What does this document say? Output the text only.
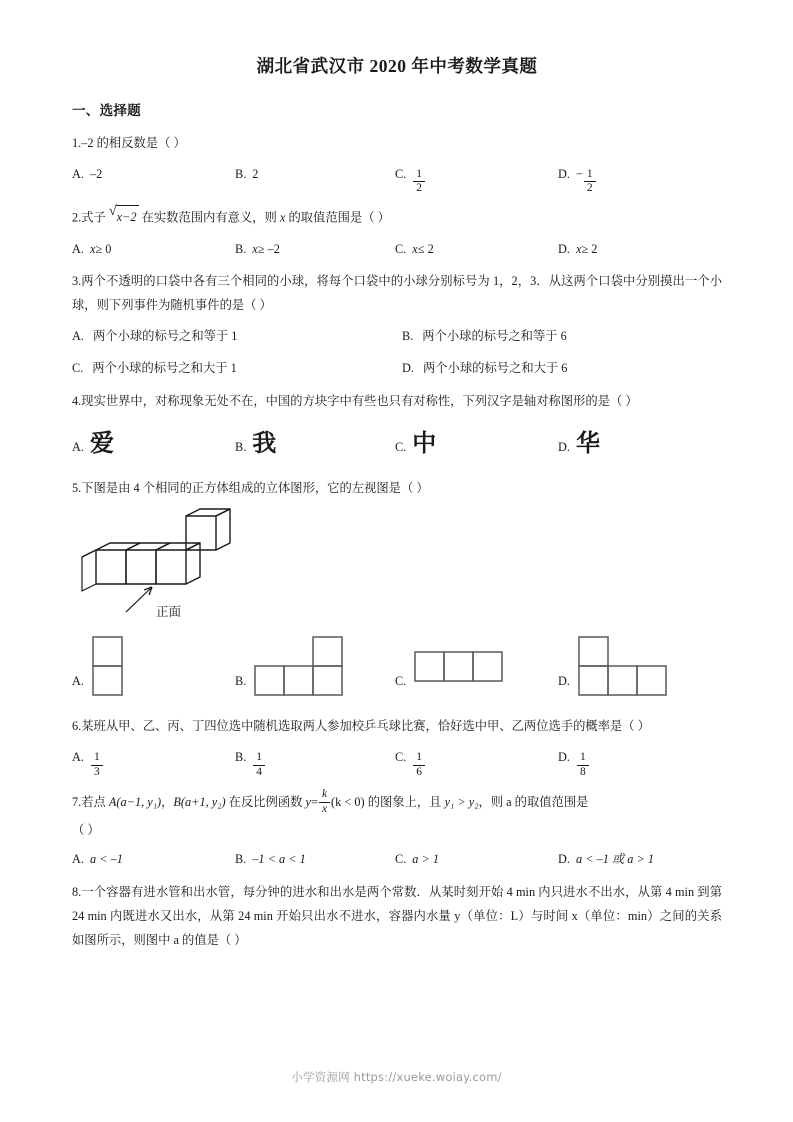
湖北省武汉市 2020 年中考数学真题
一、选择题
1.–2 的相反数是（ ）
A. –2	B. 2	C. $\frac{1}{2}$	D. − $\frac{1}{2}$
2.式子 √ x−2 在实数范围内有意义，则 x 的取值范围是（ ）
A. x ≥ 0	B. x ≥ –2	C. x ≤ 2	D. x ≥ 2
3.两个不透明的口袋中各有三个相同的小球，将每个口袋中的小球分别标号为 1，2，3．从这两个口袋中分别摸出一个小球，则下列事件为随机事件的是（ ）
A. 两个小球的标号之和等于 1	B. 两个小球的标号之和等于 6
C. 两个小球的标号之和大于 1	D. 两个小球的标号之和大于 6
4.现实世界中，对称现象无处不在，中国的方块字中有些也只有对称性，下列汉字是轴对称图形的是（ ）
A. 爱	B. 我	C. 中	D. 华
5.下图是由 4 个相同的正方体组成的立体图形，它的左视图是（ ）
正面
A.	B.	C.	D.
6.某班从甲、乙、丙、丁四位选中随机选取两人参加校乒乓球比赛，恰好选中甲、乙两位选手的概率是（ ）
A. $\frac{1}{3}$	B. $\frac{1}{4}$	C. $\frac{1}{6}$	D. $\frac{1}{8}$
7.若点 A(a−1, y₁)，B(a+1, y₂) 在反比例函数 $y= \frac{k}{x} (k < 0)$ 的图象上，且 y₁ > y₂，则 a 的取值范围是
（ ）
A. a < –1	B. –1 < a < 1	C. a > 1	D. a < –1 或 a > 1
8.一个容器有进水管和出水管，每分钟的进水和出水是两个常数．从某时刻开始 4 min 内只进水不出水，从第 4 min 到第 24 min 内既进水又出水，从第 24 min 开始只出水不进水，容器内水量 y（单位：L）与时间 x（单位：min）之间的关系如图所示，则图中 a 的值是（ ）
小学资源网 https://xueke.woiay.com/
